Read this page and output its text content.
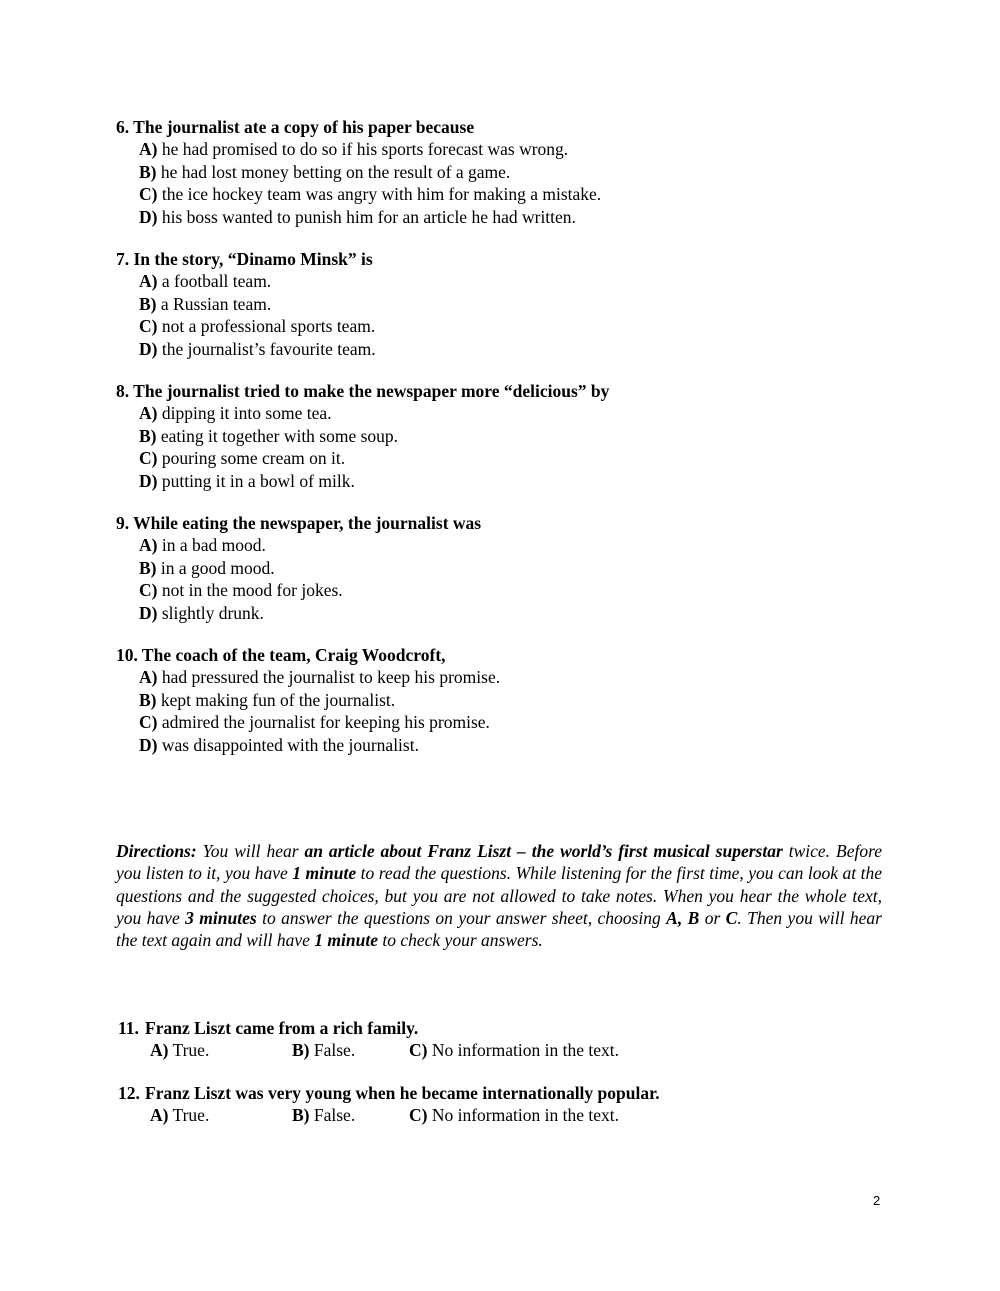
6. The journalist ate a copy of his paper because
A) he had promised to do so if his sports forecast was wrong.
B) he had lost money betting on the result of a game.
C) the ice hockey team was angry with him for making a mistake.
D) his boss wanted to punish him for an article he had written.
7. In the story, “Dinamo Minsk” is
A) a football team.
B) a Russian team.
C) not a professional sports team.
D) the journalist’s favourite team.
8. The journalist tried to make the newspaper more “delicious” by
A) dipping it into some tea.
B) eating it together with some soup.
C) pouring some cream on it.
D) putting it in a bowl of milk.
9. While eating the newspaper, the journalist was
A) in a bad mood.
B) in a good mood.
C) not in the mood for jokes.
D) slightly drunk.
10. The coach of the team, Craig Woodcroft,
A) had pressured the journalist to keep his promise.
B) kept making fun of the journalist.
C) admired the journalist for keeping his promise.
D) was disappointed with the journalist.
Directions: You will hear an article about Franz Liszt – the world’s first musical superstar twice. Before you listen to it, you have 1 minute to read the questions. While listening for the first time, you can look at the questions and the suggested choices, but you are not allowed to take notes. When you hear the whole text, you have 3 minutes to answer the questions on your answer sheet, choosing A, B or C. Then you will hear the text again and will have 1 minute to check your answers.
11. Franz Liszt came from a rich family.
A) True.	B) False.	C) No information in the text.
12. Franz Liszt was very young when he became internationally popular.
A) True.	B) False.	C) No information in the text.
2
